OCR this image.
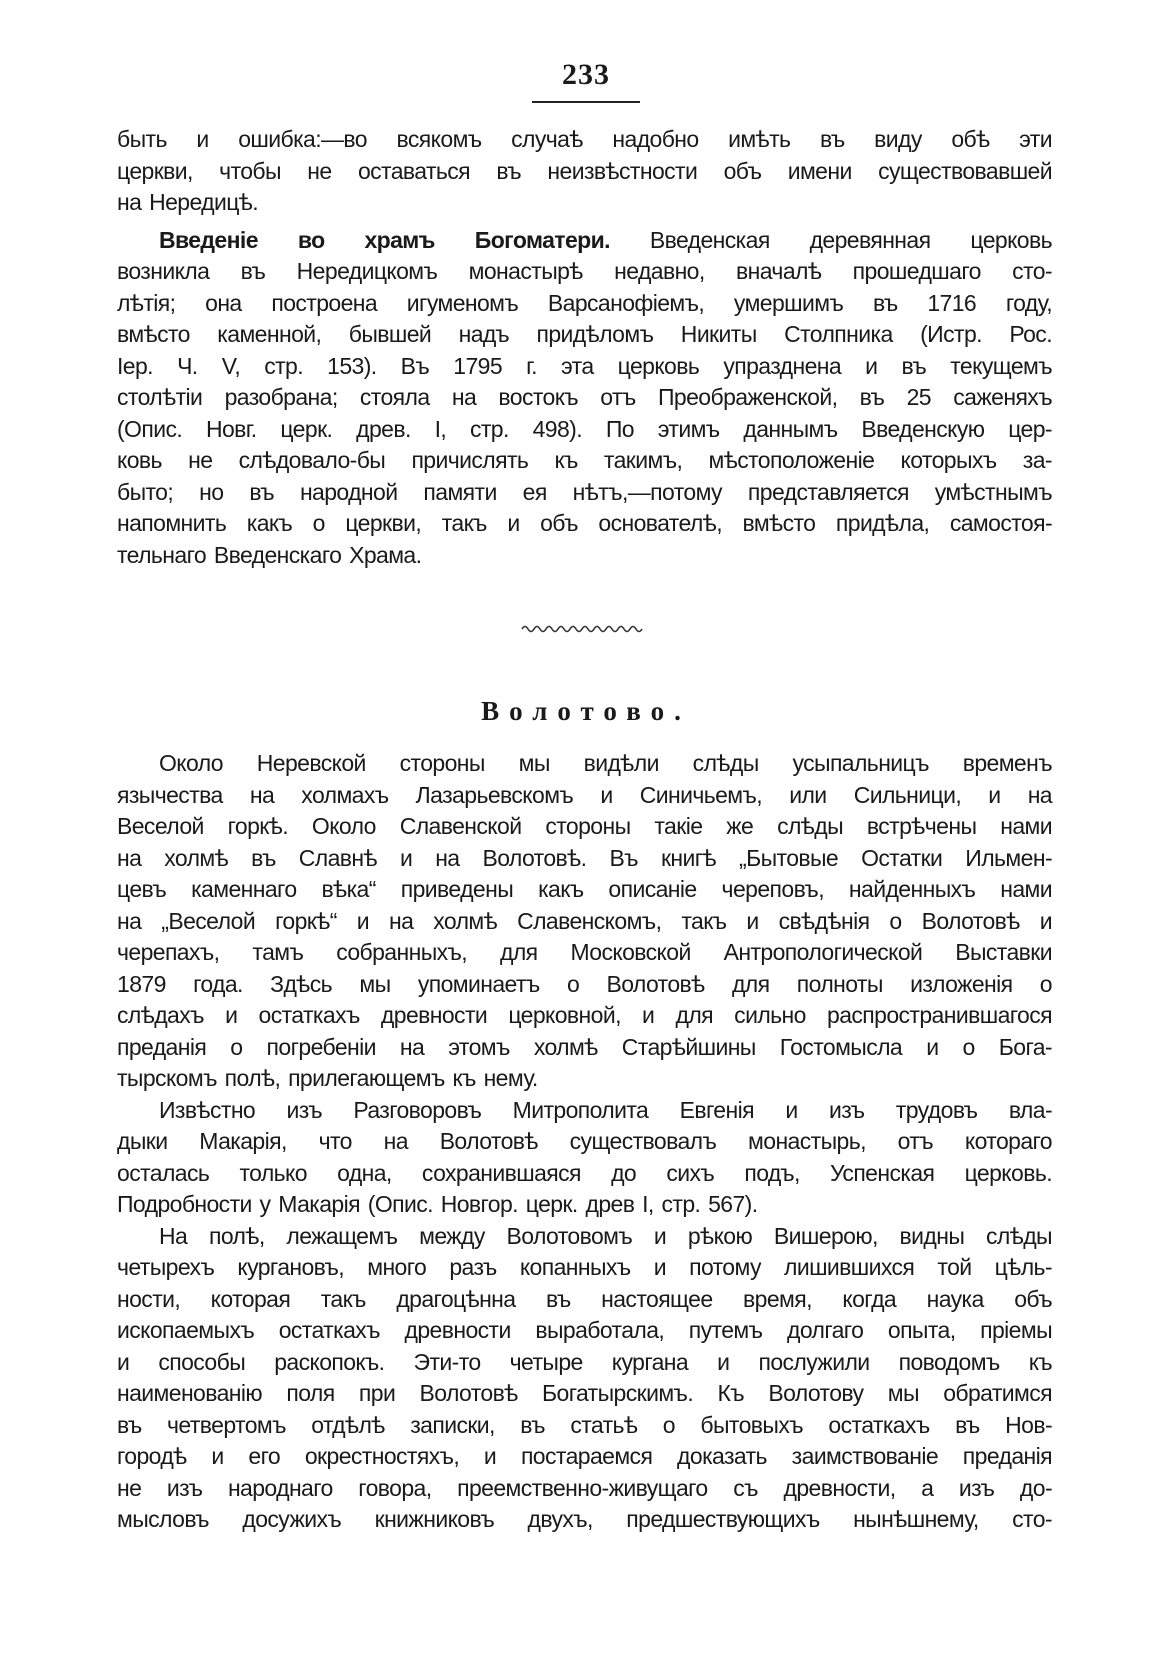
233
быть и ошибка:—во всякомъ случаѣ надобно имѣть въ виду обѣ эти
церкви, чтобы не оставаться въ неизвѣстности объ имени существовавшей
на Нередицѣ.
Введеніе во храмъ Богоматери. Введенская деревянная церковь
возникла въ Нередицкомъ монастырѣ недавно, вначалѣ прошедшаго сто-
лѣтія; она построена игуменомъ Варсанофіемъ, умершимъ въ 1716 году,
вмѣсто каменной, бывшей надъ придѣломъ Никиты Столпника (Истр. Рос.
Іер. Ч. V, стр. 153). Въ 1795 г. эта церковь упразднена и въ текущемъ
столѣтіи разобрана; стояла на востокъ отъ Преображенской, въ 25 саженяхъ
(Опис. Новг. церк. древ. I, стр. 498). По этимъ даннымъ Введенскую цер-
ковь не слѣдовало-бы причислять къ такимъ, мѣстоположеніе которыхъ за-
быто; но въ народной памяти ея нѣтъ,—потому представляется умѣстнымъ
напомнить какъ о церкви, такъ и объ основателѣ, вмѣсто придѣла, самостоя-
тельнаго Введенскаго Храма.
Волотово.
Около Неревской стороны мы видѣли слѣды усыпальницъ временъ
язычества на холмахъ Лазарьевскомъ и Синичьемъ, или Сильници, и на
Веселой горкѣ. Около Славенской стороны такіе же слѣды встрѣчены нами
на холмѣ въ Славнѣ и на Волотовѣ. Въ книгѣ „Бытовые Остатки Ильмен-
цевъ каменнаго вѣка“ приведены какъ описаніе череповъ, найденныхъ нами
на „Веселой горкѣ“ и на холмѣ Славенскомъ, такъ и свѣдѣнія о Волотовѣ и
черепахъ, тамъ собранныхъ, для Московской Антропологической Выставки
1879 года. Здѣсь мы упоминаетъ о Волотовѣ для полноты изложенія о
слѣдахъ и остаткахъ древности церковной, и для сильно распространившагося
преданія о погребеніи на этомъ холмѣ Старѣйшины Гостомысла и о Бога-
тырскомъ полѣ, прилегающемъ къ нему.
Извѣстно изъ Разговоровъ Митрополита Евгенія и изъ трудовъ вла-
дыки Макарія, что на Волотовѣ существовалъ монастырь, отъ котораго
осталась только одна, сохранившаяся до сихъ подъ, Успенская церковь.
Подробности у Макарія (Опис. Новгор. церк. древ I, стр. 567).
На полѣ, лежащемъ между Волотовомъ и рѣкою Вишерою, видны слѣды
четырехъ кургановъ, много разъ копанныхъ и потому лишившихся той цѣль-
ности, которая такъ драгоцѣнна въ настоящее время, когда наука объ
ископаемыхъ остаткахъ древности выработала, путемъ долгаго опыта, пріемы
и способы раскопокъ. Эти-то четыре кургана и послужили поводомъ къ
наименованію поля при Волотовѣ Богатырскимъ. Къ Волотову мы обратимся
въ четвертомъ отдѣлѣ записки, въ статьѣ о бытовыхъ остаткахъ въ Нов-
городѣ и его окрестностяхъ, и постараемся доказать заимствованіе преданія
не изъ народнаго говора, преемственно-живущаго съ древности, а изъ до-
мысловъ досужихъ книжниковъ двухъ, предшествующихъ нынѣшнему, сто-
